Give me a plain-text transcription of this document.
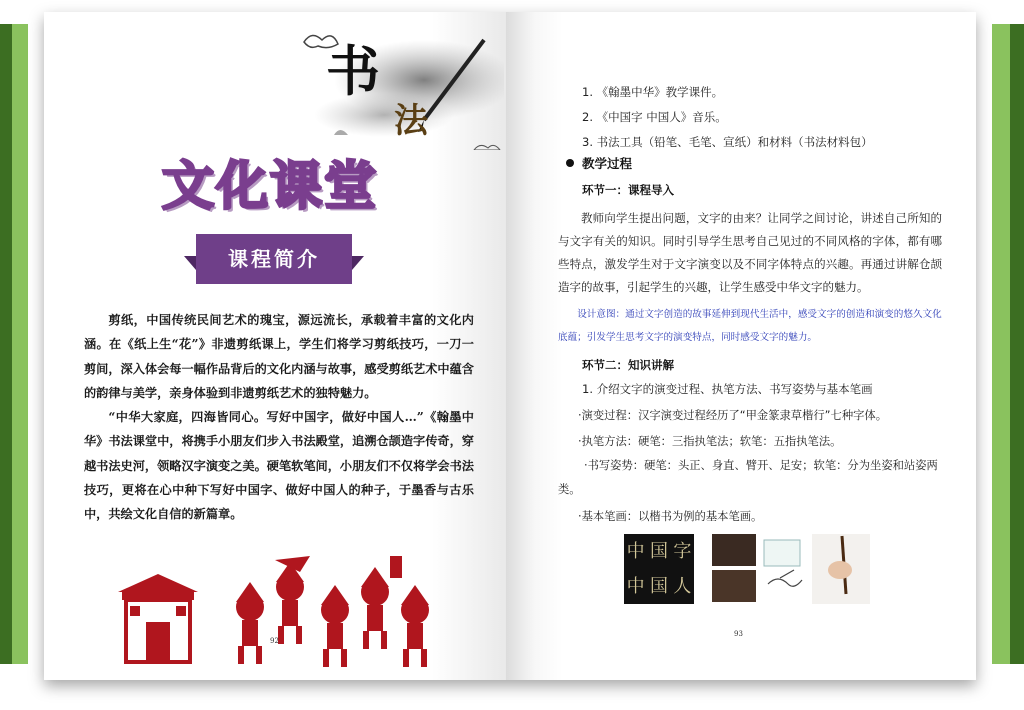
书
法
文化课堂
课程简介

剪纸，中国传统民间艺术的瑰宝，源远流长，承载着丰富的文化内涵。在《纸上生“花”》非遗剪纸课上，学生们将学习剪纸技巧，一刀一剪间，深入体会每一幅作品背后的文化内涵与故事，感受剪纸艺术中蕴含的韵律与美学，亲身体验到非遗剪纸艺术的独特魅力。

“中华大家庭，四海皆同心。写好中国字，做好中国人…”《翰墨中华》书法课堂中，将携手小朋友们步入书法殿堂，追溯仓颉造字传奇，穿越书法史河，领略汉字演变之美。硬笔软笔间，小朋友们不仅将学会书法技巧，更将在心中种下写好中国字、做好中国人的种子，于墨香与古乐中，共绘文化自信的新篇章。

92
1. 《翰墨中华》教学课件。
2. 《中国字 中国人》音乐。
3. 书法工具（铅笔、毛笔、宣纸）和材料（书法材料包）
教学过程
环节一：课程导入

教师向学生提出问题，文字的由来？让同学之间讨论，讲述自己所知的与文字有关的知识。同时引导学生思考自己见过的不同风格的字体，都有哪些特点，激发学生对于文字演变以及不同字体特点的兴趣。再通过讲解仓颉造字的故事，引起学生的兴趣，让学生感受中华文字的魅力。

设计意图：通过文字创造的故事延伸到现代生活中，感受文字的创造和演变的悠久文化底蕴；引发学生思考文字的演变特点，同时感受文字的魅力。

环节二：知识讲解
1. 介绍文字的演变过程、执笔方法、书写姿势与基本笔画
·演变过程：汉字演变过程经历了“甲金篆隶草楷行”七种字体。
·执笔方法：硬笔：三指执笔法；软笔：五指执笔法。

·书写姿势：硬笔：头正、身直、臂开、足安；软笔：分为坐姿和站姿两类。

·基本笔画：以楷书为例的基本笔画。
中 国 字
中 国 人
93
